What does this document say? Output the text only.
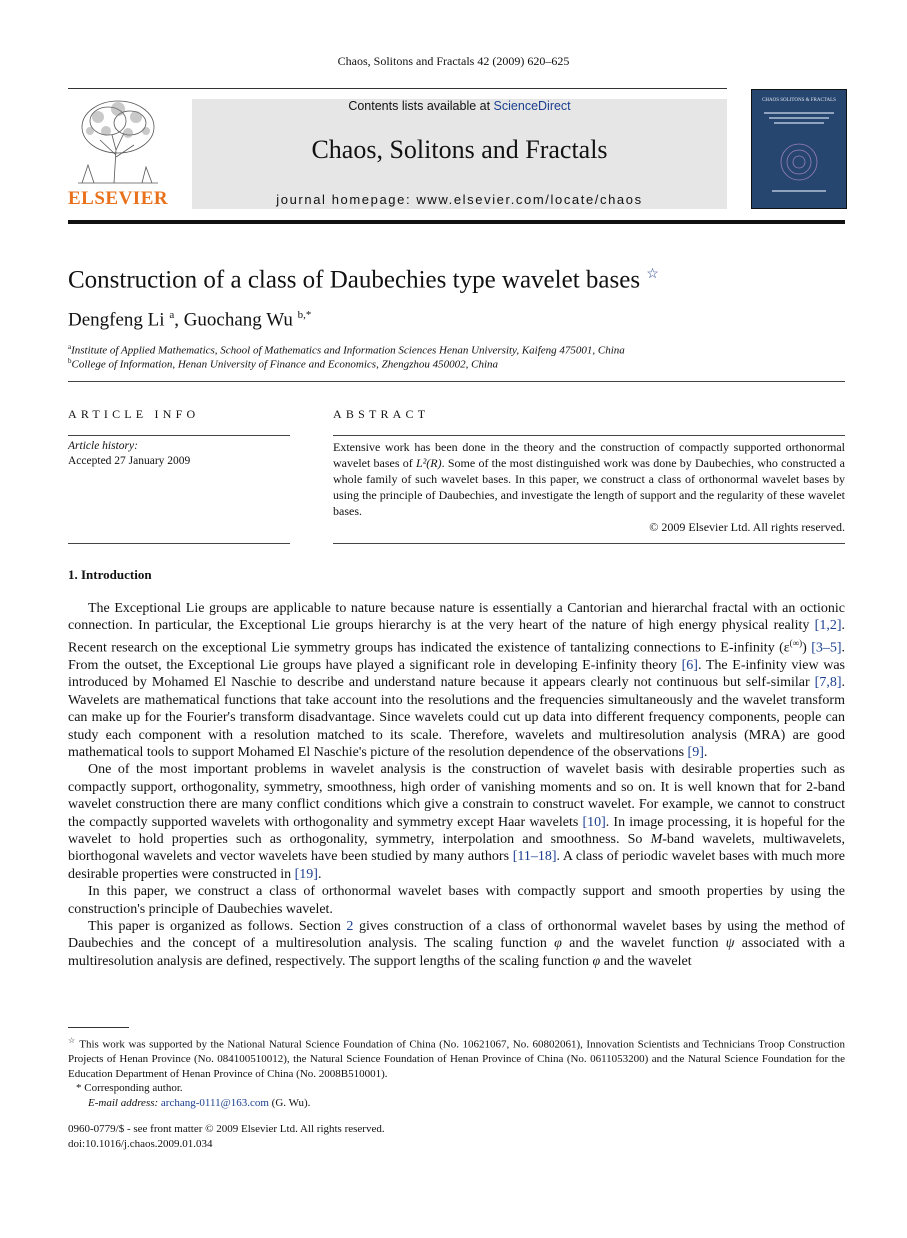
Chaos, Solitons and Fractals 42 (2009) 620–625
ELSEVIER
Contents lists available at ScienceDirect
Chaos, Solitons and Fractals
journal homepage: www.elsevier.com/locate/chaos
CHAOS SOLITONS & FRACTALS
Construction of a class of Daubechies type wavelet bases ☆
Dengfeng Li $^a$, Guochang Wu $^{b,*}$
$^a$Institute of Applied Mathematics, School of Mathematics and Information Sciences Henan University, Kaifeng 475001, China
$^b$College of Information, Henan University of Finance and Economics, Zhengzhou 450002, China
ARTICLE INFO
Article history:
Accepted 27 January 2009
ABSTRACT

Extensive work has been done in the theory and the construction of compactly supported orthonormal wavelet bases of L²(R). Some of the most distinguished work was done by Daubechies, who constructed a whole family of such wavelet bases. In this paper, we construct a class of orthonormal wavelet bases by using the principle of Daubechies, and investigate the length of support and the regularity of these wavelet bases.

© 2009 Elsevier Ltd. All rights reserved.

1. Introduction

The Exceptional Lie groups are applicable to nature because nature is essentially a Cantorian and hierarchal fractal with an octionic connection. In particular, the Exceptional Lie groups hierarchy is at the very heart of the nature of high energy physical reality [1,2]. Recent research on the exceptional Lie symmetry groups has indicated the existence of tantalizing connections to E-infinity (ε(∞)) [3–5]. From the outset, the Exceptional Lie groups have played a significant role in developing E-infinity theory [6]. The E-infinity view was introduced by Mohamed El Naschie to describe and understand nature because it appears clearly not continuous but self-similar [7,8]. Wavelets are mathematical functions that take account into the resolutions and the frequencies simultaneously and the wavelet transform can make up for the Fourier's transform disadvantage. Since wavelets could cut up data into different frequency components, people can study each component with a resolution matched to its scale. Therefore, wavelets and multiresolution analysis (MRA) are good mathematical tools to support Mohamed El Naschie's picture of the resolution dependence of the observations [9].

One of the most important problems in wavelet analysis is the construction of wavelet basis with desirable properties such as compactly support, orthogonality, symmetry, smoothness, high order of vanishing moments and so on. It is well known that for 2-band wavelet construction there are many conflict conditions which give a constrain to construct wavelet. For example, we cannot to construct the compactly supported wavelets with orthogonality and symmetry except Haar wavelets [10]. In image processing, it is hopeful for the wavelet to hold properties such as orthogonality, symmetry, interpolation and smoothness. So M-band wavelets, multiwavelets, biorthogonal wavelets and vector wavelets have been studied by many authors [11–18]. A class of periodic wavelet bases with much more desirable properties were constructed in [19].

In this paper, we construct a class of orthonormal wavelet bases with compactly support and smooth properties by using the construction's principle of Daubechies wavelet.

This paper is organized as follows. Section 2 gives construction of a class of orthonormal wavelet bases by using the method of Daubechies and the concept of a multiresolution analysis. The scaling function φ and the wavelet function ψ associated with a multiresolution analysis are defined, respectively. The support lengths of the scaling function φ and the wavelet

☆ This work was supported by the National Natural Science Foundation of China (No. 10621067, No. 60802061), Innovation Scientists and Technicians Troop Construction Projects of Henan Province (No. 084100510012), the Natural Science Foundation of Henan Province of China (No. 0611053200) and the Natural Science Foundation for the Education Department of Henan Province of China (No. 2008B510001).

* Corresponding author.

E-mail address: archang-0111@163.com (G. Wu).

0960-0779/$ - see front matter © 2009 Elsevier Ltd. All rights reserved.
doi:10.1016/j.chaos.2009.01.034
